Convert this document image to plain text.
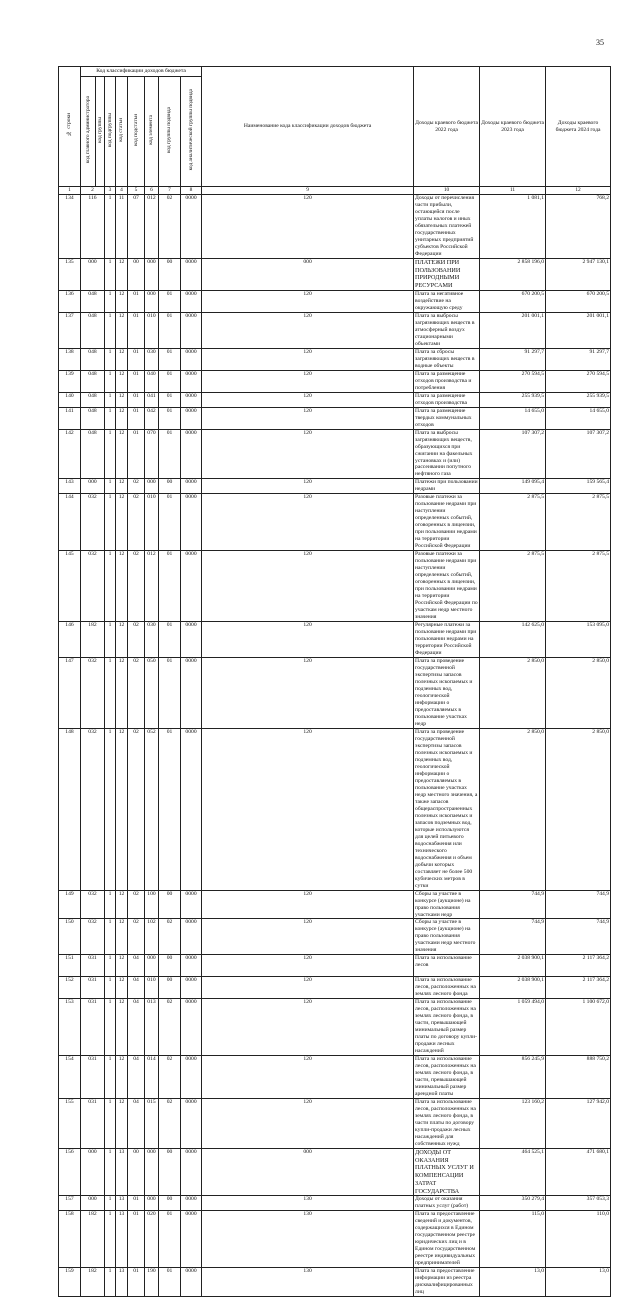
35
№ строки	Код классификации доходов бюджета								Наименование кода классификации доходов бюджета	Доходы краевого бюджета 2022 года	Доходы краевого бюджета 2023 года	Доходы краевого бюджета 2024 года	
	код главного администратора	код группы	код подгруппы	код статьи	код подстатьи	код элемента	код группы подвида	код аналитической группы подвида					
1	2		3	4	5	6	7	8	9	10	11	12	
134	116		1	11	07	012	02	0000	120	Доходы от перечисления части прибыли, остающейся после уплаты налогов и иных обязательных платежей государственных унитарных предприятий субъектов Российской Федерации	1 081,1	768,2	
135	000		1	12	00	000	00	0000	000	ПЛАТЕЖИ ПРИ ПОЛЬЗОВАНИИ ПРИРОДНЫМИ РЕСУРСАМИ	2 858 196,0	2 947 130,1	
136	048		1	12	01	000	01	0000	120	Плата за негативное воздействие на окружающую среду	670 200,5	670 200,5	
137	048		1	12	01	010	01	0000	120	Плата за выбросы загрязняющих веществ в атмосферный воздух стационарными объектами	201 001,1	201 001,1	
138	048		1	12	01	030	01	0000	120	Плата за сбросы загрязняющих веществ в водные объекты	91 297,7	91 297,7	
139	048		1	12	01	040	01	0000	120	Плата за размещение отходов производства и потребления	270 594,5	270 594,5	
140	048		1	12	01	041	01	0000	120	Плата за размещение отходов производства	255 939,5	255 939,5	
141	048		1	12	01	042	01	0000	120	Плата за размещение твердых коммунальных отходов	14 655,0	14 655,0	
142	048		1	12	01	070	01	0000	120	Плата за выбросы загрязняющих веществ, образующихся при сжигании на факельных установках и (или) рассеивании попутного нефтяного газа	107 307,2	107 307,2	
143	000		1	12	02	000	00	0000	120	Платежи при пользовании недрами	149 095,4	159 565,4	
144	032		1	12	02	010	01	0000	120	Разовые платежи за пользование недрами при наступлении определенных событий, оговоренных в лицензии, при пользовании недрами на территории Российской Федерации	2 875,5	2 875,5	
145	032		1	12	02	012	01	0000	120	Разовые платежи за пользование недрами при наступлении определенных событий, оговоренных в лицензии, при пользовании недрами на территории Российской Федерации по участкам недр местного значения	2 875,5	2 875,5	
146	182		1	12	02	030	01	0000	120	Регулярные платежи за пользование недрами при пользовании недрами на территории Российской Федерации	142 625,0	153 095,0	
147	032		1	12	02	050	01	0000	120	Плата за проведение государственной экспертизы запасов полезных ископаемых и подземных вод, геологической информации о предоставляемых в пользование участках недр	2 850,0	2 850,0	
148	032		1	12	02	052	01	0000	120	Плата за проведение государственной экспертизы запасов полезных ископаемых и подземных вод, геологической информации о предоставляемых в пользование участках недр местного значения, а также запасов общераспространенных полезных ископаемых и запасов подземных вод, которые используются для целей питьевого водоснабжения или технического водоснабжения и объем добычи которых составляет не более 500 кубических метров в сутки	2 850,0	2 850,0	
149	032		1	12	02	100	00	0000	120	Сборы за участие в конкурсе (аукционе) на право пользования участками недр	744,9	744,9	
150	032		1	12	02	102	02	0000	120	Сборы за участие в конкурсе (аукционе) на право пользования участками недр местного значения	744,9	744,9	
151	031		1	12	04	000	00	0000	120	Плата за использование лесов	2 038 900,1	2 117 364,2	
152	031		1	12	04	010	00	0000	120	Плата за использование лесов, расположенных на землях лесного фонда	2 038 900,1	2 117 364,2	
153	031		1	12	04	013	02	0000	120	Плата за использование лесов, расположенных на землях лесного фонда, в части, превышающей минимальный размер платы по договору купли-продажи лесных насаждений	1 059 494,0	1 100 672,0	
154	031		1	12	04	014	02	0000	120	Плата за использование лесов, расположенных на землях лесного фонда, в части, превышающей минимальный размер арендной платы	856 245,9	888 750,2	
155	031		1	12	04	015	02	0000	120	Плата за использование лесов, расположенных на землях лесного фонда, в части платы по договору купли-продажи лесных насаждений для собственных нужд	123 160,2	127 942,0	
156	000		1	13	00	000	00	0000	000	ДОХОДЫ ОТ ОКАЗАНИЯ ПЛАТНЫХ УСЛУГ И КОМПЕНСАЦИИ ЗАТРАТ ГОСУДАРСТВА	464 525,1	471 680,1	
157	000		1	13	01	000	00	0000	130	Доходы от оказания платных услуг (работ)	350 279,4	357 053,3	
158	182		1	13	01	020	01	0000	130	Плата за предоставление сведений и документов, содержащихся в Едином государственном реестре юридических лиц и в Едином государственном реестре индивидуальных предпринимателей	115,0	110,0	
159	182		1	13	01	190	01	0000	130	Плата за предоставление информации из реестра дисквалифицированных лиц	13,0	13,0	
